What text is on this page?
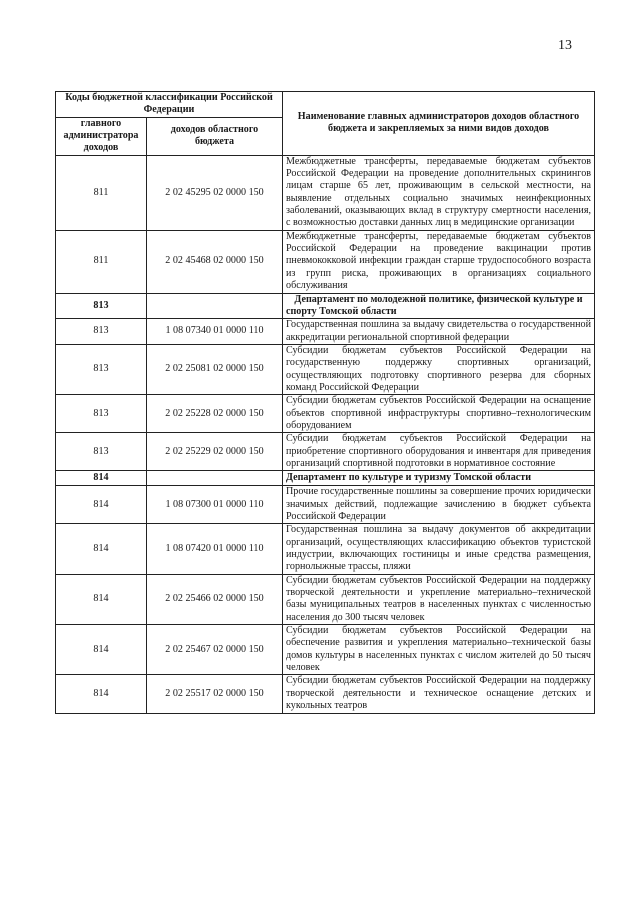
13
Коды бюджетной классификации Российской Федерации		Наименование главных администраторов доходов областного бюджета и закрепляемых за ними видов доходов
главного администратора доходов	доходов областного бюджета	
811	2 02 45295 02 0000 150	Межбюджетные трансферты, передаваемые бюджетам субъектов Российской Федерации на проведение дополнительных скринингов лицам старше 65 лет, проживающим в сельской местности, на выявление отдельных социально значимых неинфекционных заболеваний, оказывающих вклад в структуру смертности населения, с возможностью доставки данных лиц в медицинские организации
811	2 02 45468 02 0000 150	Межбюджетные трансферты, передаваемые бюджетам субъектов Российской Федерации на проведение вакцинации против пневмококковой инфекции граждан старше трудоспособного возраста из групп риска, проживающих в организациях социального обслуживания
813		Департамент по молодежной политике, физической культуре и спорту Томской области
813	1 08 07340 01 0000 110	Государственная пошлина за выдачу свидетельства о государственной аккредитации региональной спортивной федерации
813	2 02 25081 02 0000 150	Субсидии бюджетам субъектов Российской Федерации на государственную поддержку спортивных организаций, осуществляющих подготовку спортивного резерва для сборных команд Российской Федерации
813	2 02 25228 02 0000 150	Субсидии бюджетам субъектов Российской Федерации на оснащение объектов спортивной инфраструктуры спортивно–технологическим оборудованием
813	2 02 25229 02 0000 150	Субсидии бюджетам субъектов Российской Федерации на приобретение спортивного оборудования и инвентаря для приведения организаций спортивной подготовки в нормативное состояние
814		Департамент по культуре и туризму Томской области
814	1 08 07300 01 0000 110	Прочие государственные пошлины за совершение прочих юридически значимых действий, подлежащие зачислению в бюджет субъекта Российской Федерации
814	1 08 07420 01 0000 110	Государственная пошлина за выдачу документов об аккредитации организаций, осуществляющих классификацию объектов туристской индустрии, включающих гостиницы и иные средства размещения, горнолыжные трассы, пляжи
814	2 02 25466 02 0000 150	Субсидии бюджетам субъектов Российской Федерации на поддержку творческой деятельности и укрепление материально–технической базы муниципальных театров в населенных пунктах с численностью населения до 300 тысяч человек
814	2 02 25467 02 0000 150	Субсидии бюджетам субъектов Российской Федерации на обеспечение развития и укрепления материально–технической базы домов культуры в населенных пунктах с числом жителей до 50 тысяч человек
814	2 02 25517 02 0000 150	Субсидии бюджетам субъектов Российской Федерации на поддержку творческой деятельности и техническое оснащение детских и кукольных театров
